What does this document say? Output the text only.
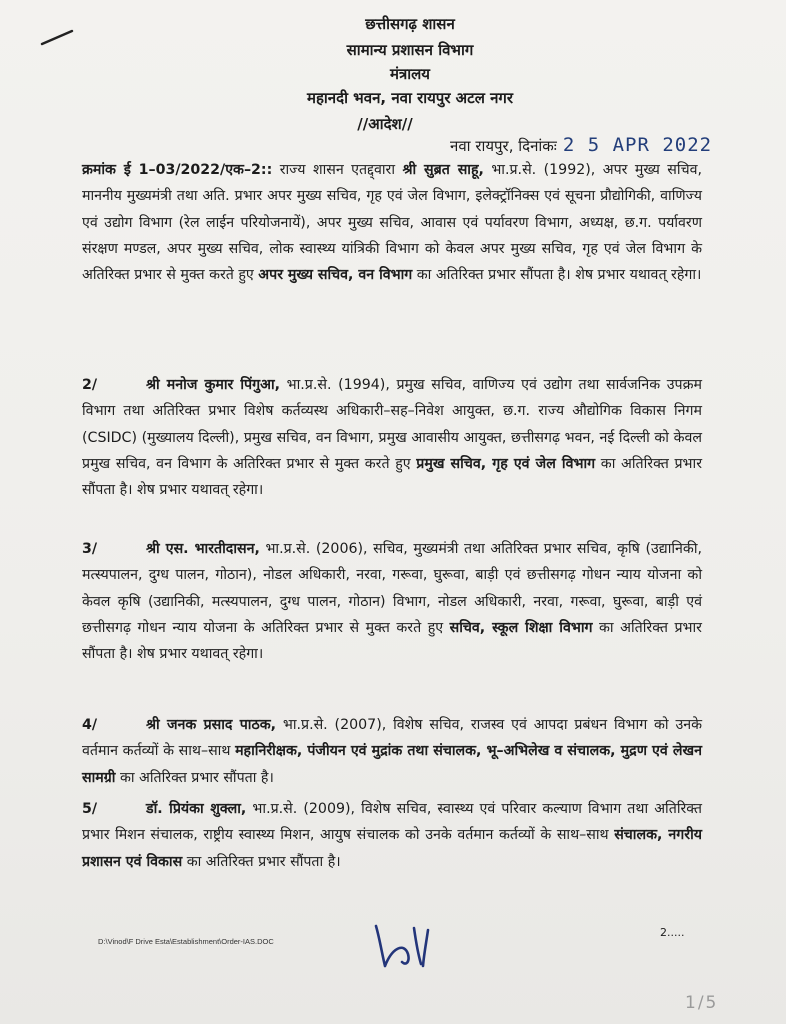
छत्तीसगढ़ शासन
सामान्य प्रशासन विभाग
मंत्रालय
महानदी भवन, नवा रायपुर अटल नगर
//आदेश//
नवा रायपुर, दिनांकः 2 5 APR 2022
क्रमांक ई 1–03/2022/एक–2:: राज्य शासन एतद्द्वारा श्री सुब्रत साहू, भा.प्र.से. (1992), अपर मुख्य सचिव, माननीय मुख्यमंत्री तथा अति. प्रभार अपर मुख्य सचिव, गृह एवं जेल विभाग, इलेक्ट्रॉनिक्स एवं सूचना प्रौद्योगिकी, वाणिज्य एवं उद्योग विभाग (रेल लाईन परियोजनायें), अपर मुख्य सचिव, आवास एवं पर्यावरण विभाग, अध्यक्ष, छ.ग. पर्यावरण संरक्षण मण्डल, अपर मुख्य सचिव, लोक स्वास्थ्य यांत्रिकी विभाग को केवल अपर मुख्य सचिव, गृह एवं जेल विभाग के अतिरिक्त प्रभार से मुक्त करते हुए अपर मुख्य सचिव, वन विभाग का अतिरिक्त प्रभार सौंपता है। शेष प्रभार यथावत् रहेगा।
2/	श्री मनोज कुमार पिंगुआ, भा.प्र.से. (1994), प्रमुख सचिव, वाणिज्य एवं उद्योग तथा सार्वजनिक उपक्रम विभाग तथा अतिरिक्त प्रभार विशेष कर्तव्यस्थ अधिकारी–सह–निवेश आयुक्त, छ.ग. राज्य औद्योगिक विकास निगम (CSIDC) (मुख्यालय दिल्ली), प्रमुख सचिव, वन विभाग, प्रमुख आवासीय आयुक्त, छत्तीसगढ़ भवन, नई दिल्ली को केवल प्रमुख सचिव, वन विभाग के अतिरिक्त प्रभार से मुक्त करते हुए प्रमुख सचिव, गृह एवं जेल विभाग का अतिरिक्त प्रभार सौंपता है। शेष प्रभार यथावत् रहेगा।
3/	श्री एस. भारतीदासन, भा.प्र.से. (2006), सचिव, मुख्यमंत्री तथा अतिरिक्त प्रभार सचिव, कृषि (उद्यानिकी, मत्स्यपालन, दुग्ध पालन, गोठान), नोडल अधिकारी, नरवा, गरूवा, घुरूवा, बाड़ी एवं छत्तीसगढ़ गोधन न्याय योजना को केवल कृषि (उद्यानिकी, मत्स्यपालन, दुग्ध पालन, गोठान) विभाग, नोडल अधिकारी, नरवा, गरूवा, घुरूवा, बाड़ी एवं छत्तीसगढ़ गोधन न्याय योजना के अतिरिक्त प्रभार से मुक्त करते हुए सचिव, स्कूल शिक्षा विभाग का अतिरिक्त प्रभार सौंपता है। शेष प्रभार यथावत् रहेगा।
4/	श्री जनक प्रसाद पाठक, भा.प्र.से. (2007), विशेष सचिव, राजस्व एवं आपदा प्रबंधन विभाग को उनके वर्तमान कर्तव्यों के साथ–साथ महानिरीक्षक, पंजीयन एवं मुद्रांक तथा संचालक, भू–अभिलेख व संचालक, मुद्रण एवं लेखन सामग्री का अतिरिक्त प्रभार सौंपता है।
5/	डॉ. प्रियंका शुक्ला, भा.प्र.से. (2009), विशेष सचिव, स्वास्थ्य एवं परिवार कल्याण विभाग तथा अतिरिक्त प्रभार मिशन संचालक, राष्ट्रीय स्वास्थ्य मिशन, आयुष संचालक को उनके वर्तमान कर्तव्यों के साथ–साथ संचालक, नगरीय प्रशासन एवं विकास का अतिरिक्त प्रभार सौंपता है।
D:\Vinod\F Drive Esta\Establishment\Order-IAS.DOC
2.....
1/5
